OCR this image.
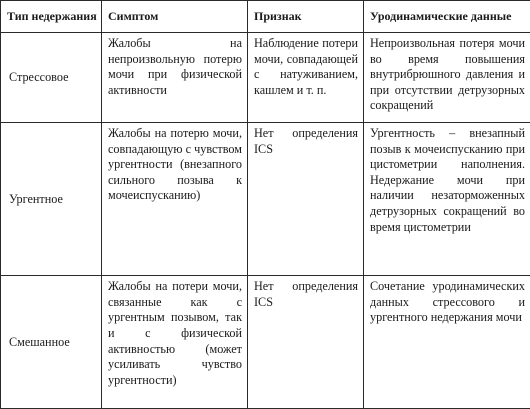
Тип недержания	Симптом	Признак	Уродинамические данные

Стрессовое	Жалобы на непроизвольную потерю мочи при физической активности	Наблюдение потери мочи, совпадающей с натуживанием, кашлем и т. п.	Непроизвольная потеря мочи во время повышения внутрибрюшного давления и при отсутствии детрузорных сокращений

Ургентное	Жалобы на потерю мочи, совпадающую с чувством ургентности (внезапного сильного позыва к мочеиспусканию)	Нет определения ICS	Ургентность – внезапный позыв к мочеиспусканию при цистометрии наполнения. Недержание мочи при наличии незаторможенных детрузорных сокращений во время цистометрии

Смешанное	Жалобы на потери мочи, связанные как с ургентным позывом, так и с физической активностью (может усиливать чувство ургентности)	Нет определения ICS	Сочетание уродинамических данных стрессового и ургентного недержания мочи
